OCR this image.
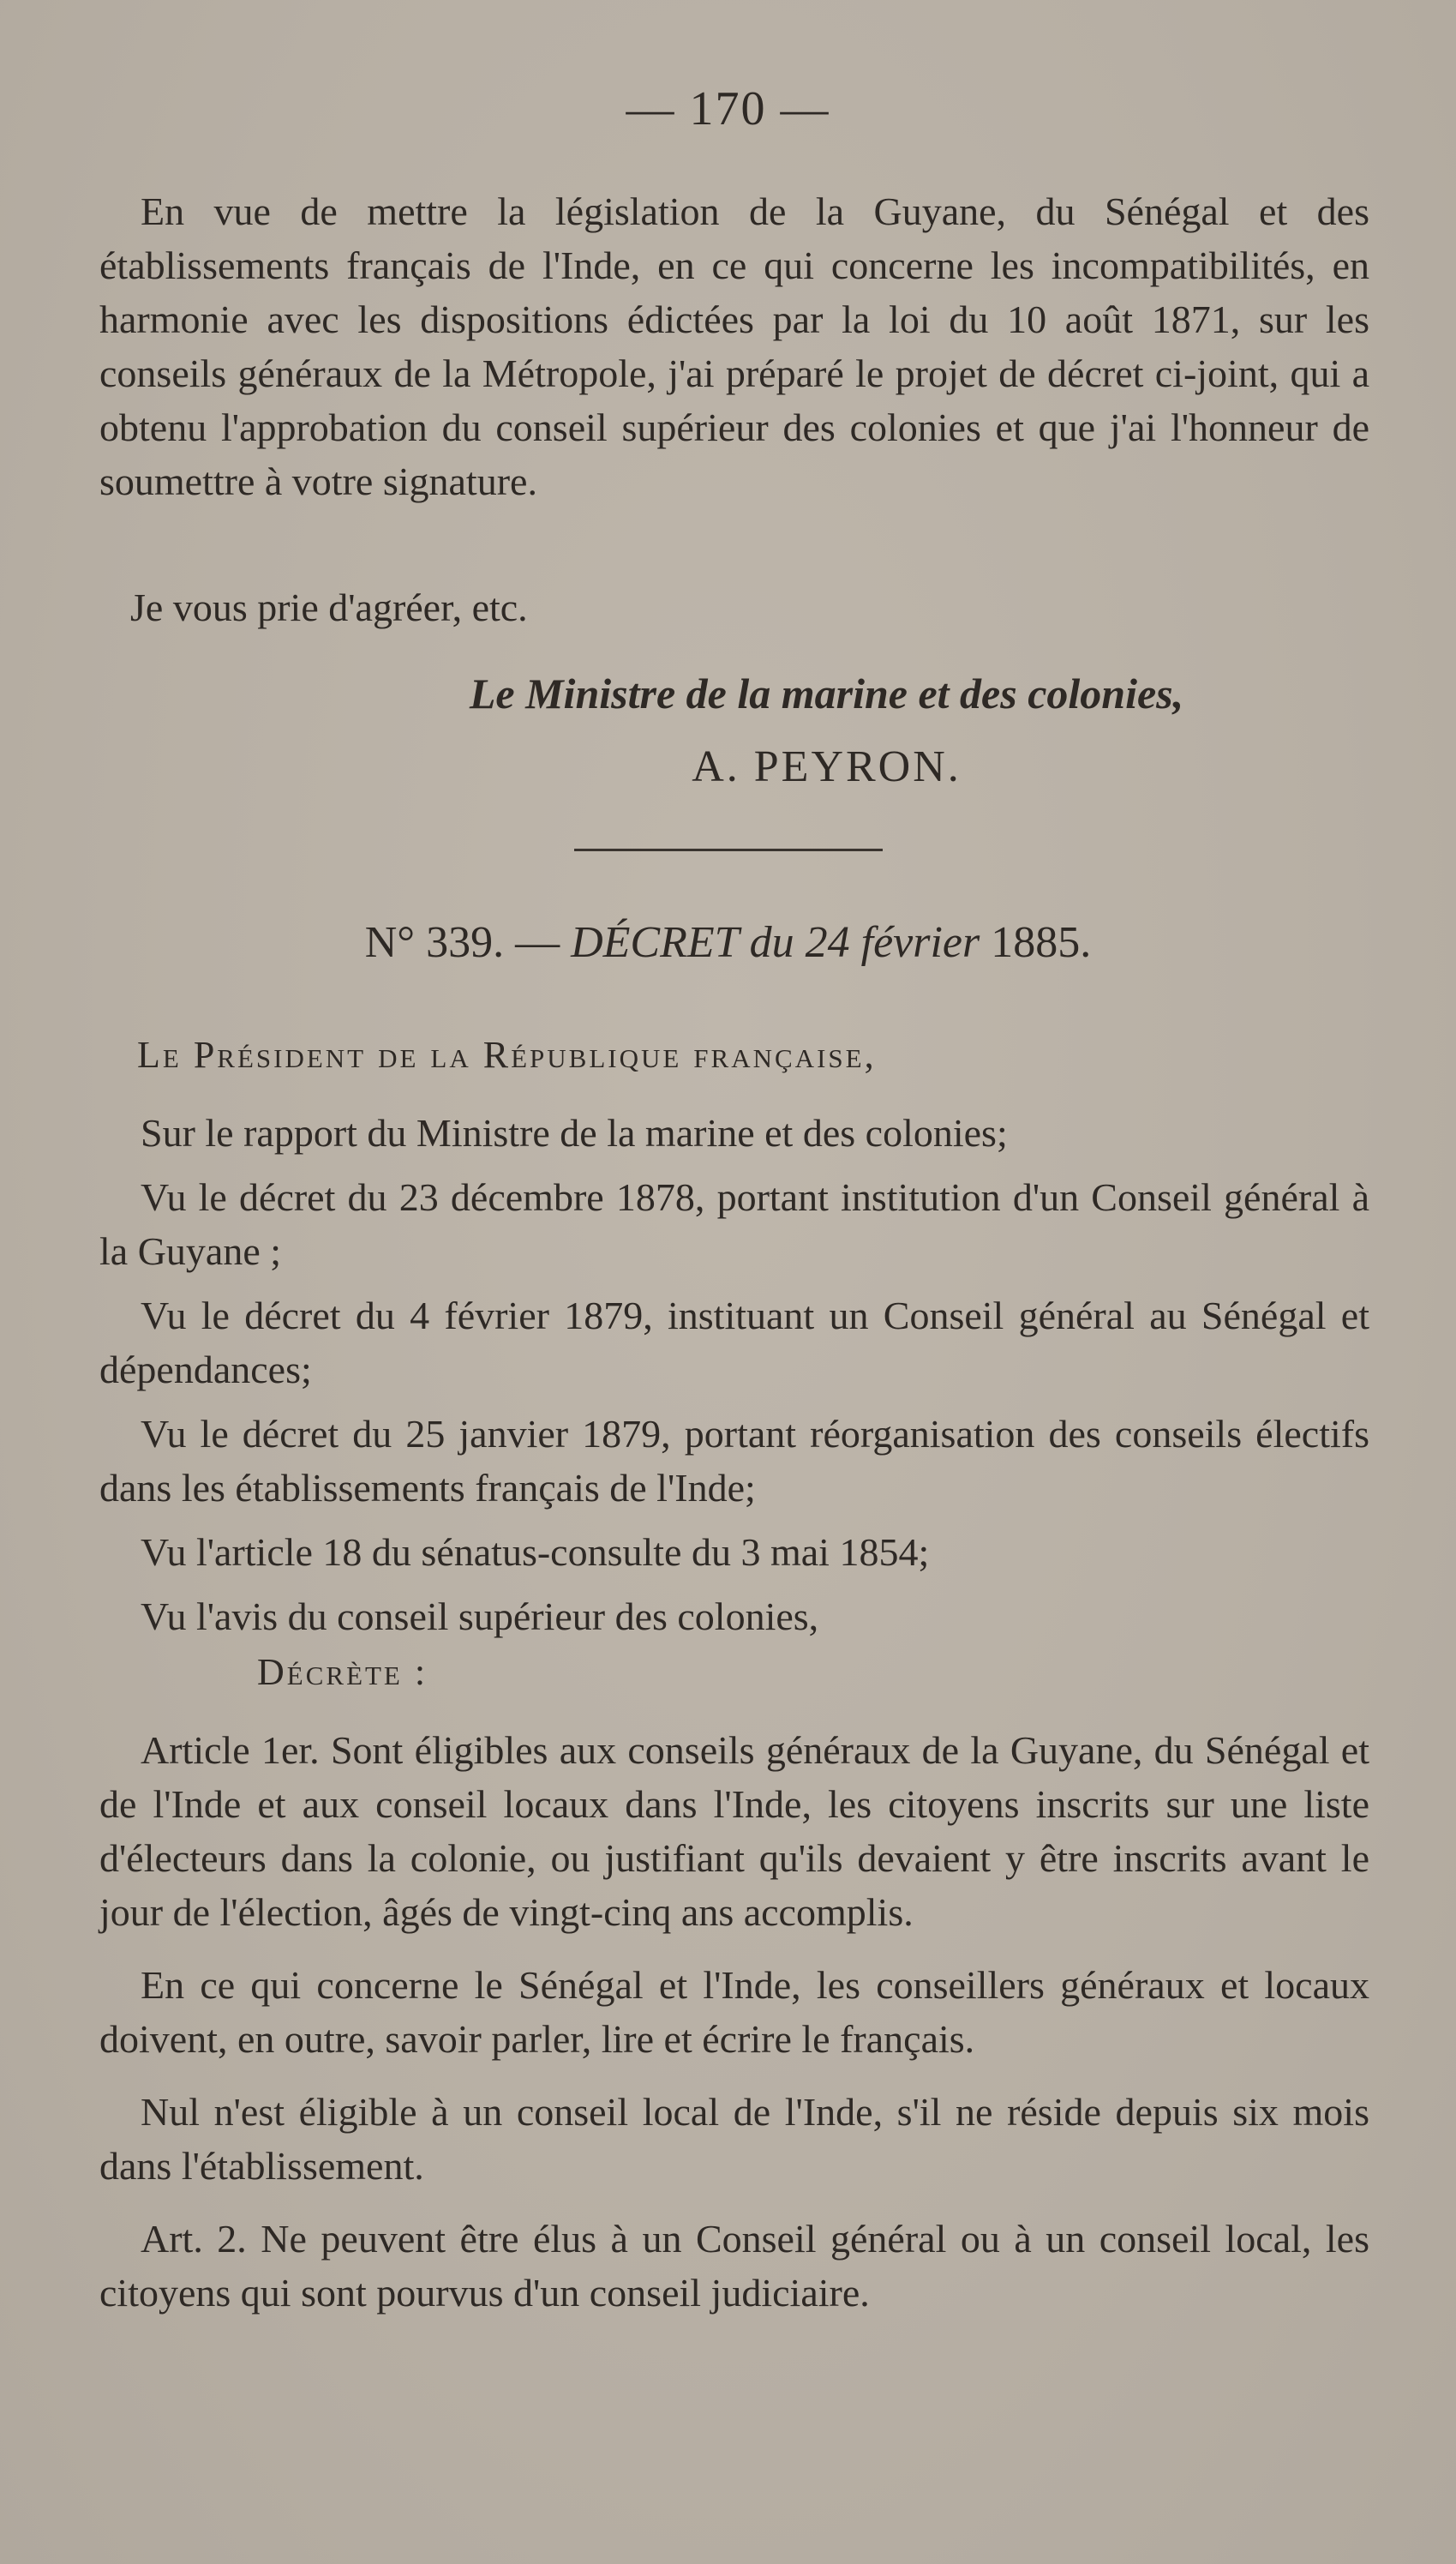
— 170 —

En vue de mettre la législation de la Guyane, du Sénégal et des établissements français de l'Inde, en ce qui concerne les incompatibilités, en harmonie avec les dispositions édictées par la loi du 10 août 1871, sur les conseils généraux de la Métropole, j'ai préparé le projet de décret ci-joint, qui a obtenu l'approbation du conseil supérieur des colonies et que j'ai l'honneur de soumettre à votre signature.

Je vous prie d'agréer, etc.
Le Ministre de la marine et des colonies,
A. PEYRON.
N° 339. — DÉCRET du 24 février 1885.
Le Président de la République française,

Sur le rapport du Ministre de la marine et des colonies;

Vu le décret du 23 décembre 1878, portant institution d'un Conseil général à la Guyane ;

Vu le décret du 4 février 1879, instituant un Conseil général au Sénégal et dépendances;

Vu le décret du 25 janvier 1879, portant réorganisation des conseils électifs dans les établissements français de l'Inde;

Vu l'article 18 du sénatus-consulte du 3 mai 1854;

Vu l'avis du conseil supérieur des colonies,

Décrète :

Article 1er. Sont éligibles aux conseils généraux de la Guyane, du Sénégal et de l'Inde et aux conseil locaux dans l'Inde, les citoyens inscrits sur une liste d'électeurs dans la colonie, ou justifiant qu'ils devaient y être inscrits avant le jour de l'élection, âgés de vingt-cinq ans accomplis.

En ce qui concerne le Sénégal et l'Inde, les conseillers généraux et locaux doivent, en outre, savoir parler, lire et écrire le français.

Nul n'est éligible à un conseil local de l'Inde, s'il ne réside depuis six mois dans l'établissement.

Art. 2. Ne peuvent être élus à un Conseil général ou à un conseil local, les citoyens qui sont pourvus d'un conseil judiciaire.
